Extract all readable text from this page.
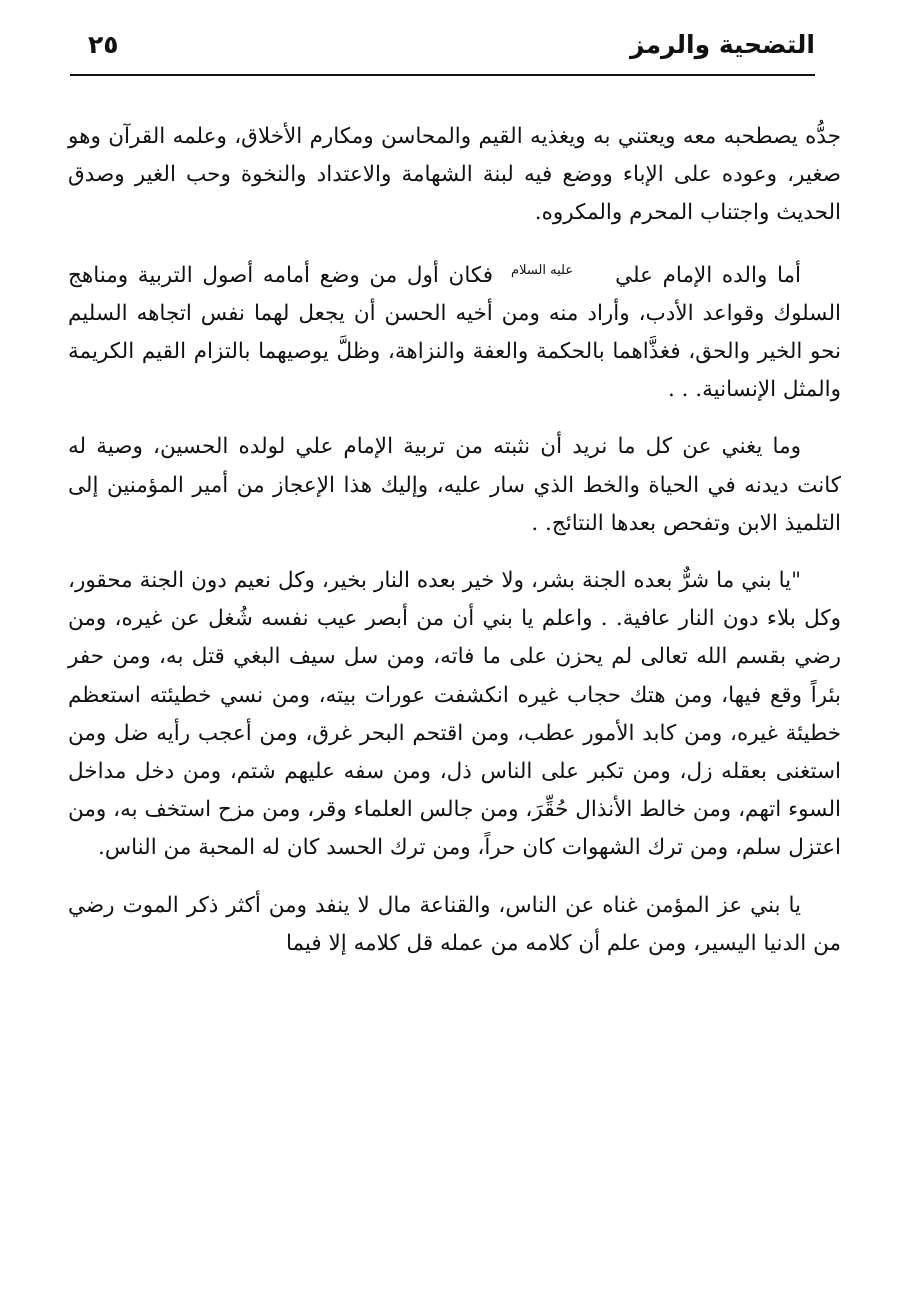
التضحية والرمز
٢٥

جدُّه يصطحبه معه ويعتني به ويغذيه القيم والمحاسن ومكارم الأخلاق، وعلمه القرآن وهو صغير، وعوده على الإباء ووضع فيه لبنة الشهامة والاعتداد والنخوة وحب الغير وصدق الحديث واجتناب المحرم والمكروه.

أما والده الإمام عليعليه السلامفكان أول من وضع أمامه أصول التربية ومناهج السلوك وقواعد الأدب، وأراد منه ومن أخيه الحسن أن يجعل لهما نفس اتجاهه السليم نحو الخير والحق، فغذَّاهما بالحكمة والعفة والنزاهة، وظلَّ يوصيهما بالتزام القيم الكريمة والمثل الإنسانية. . .

وما يغني عن كل ما نريد أن نثبته من تربية الإمام علي لولده الحسين، وصية له كانت ديدنه في الحياة والخط الذي سار عليه، وإليك هذا الإعجاز من أمير المؤمنين إلى التلميذ الابن وتفحص بعدها النتائج. .

"يا بني ما شرٌّ بعده الجنة بشر، ولا خير بعده النار بخير، وكل نعيم دون الجنة محقور، وكل بلاء دون النار عافية. . واعلم يا بني أن من أبصر عيب نفسه شُغل عن غيره، ومن رضي بقسم الله تعالى لم يحزن على ما فاته، ومن سل سيف البغي قتل به، ومن حفر بئراً وقع فيها، ومن هتك حجاب غيره انكشفت عورات بيته، ومن نسي خطيئته استعظم خطيئة غيره، ومن كابد الأمور عطب، ومن اقتحم البحر غرق، ومن أعجب رأيه ضل ومن استغنى بعقله زل، ومن تكبر على الناس ذل، ومن سفه عليهم شتم، ومن دخل مداخل السوء اتهم، ومن خالط الأنذال حُقِّرَ، ومن جالس العلماء وقر، ومن مزح استخف به، ومن اعتزل سلم، ومن ترك الشهوات كان حراً، ومن ترك الحسد كان له المحبة من الناس.

يا بني عز المؤمن غناه عن الناس، والقناعة مال لا ينفد ومن أكثر ذكر الموت رضي من الدنيا اليسير، ومن علم أن كلامه من عمله قل كلامه إلا فيما
